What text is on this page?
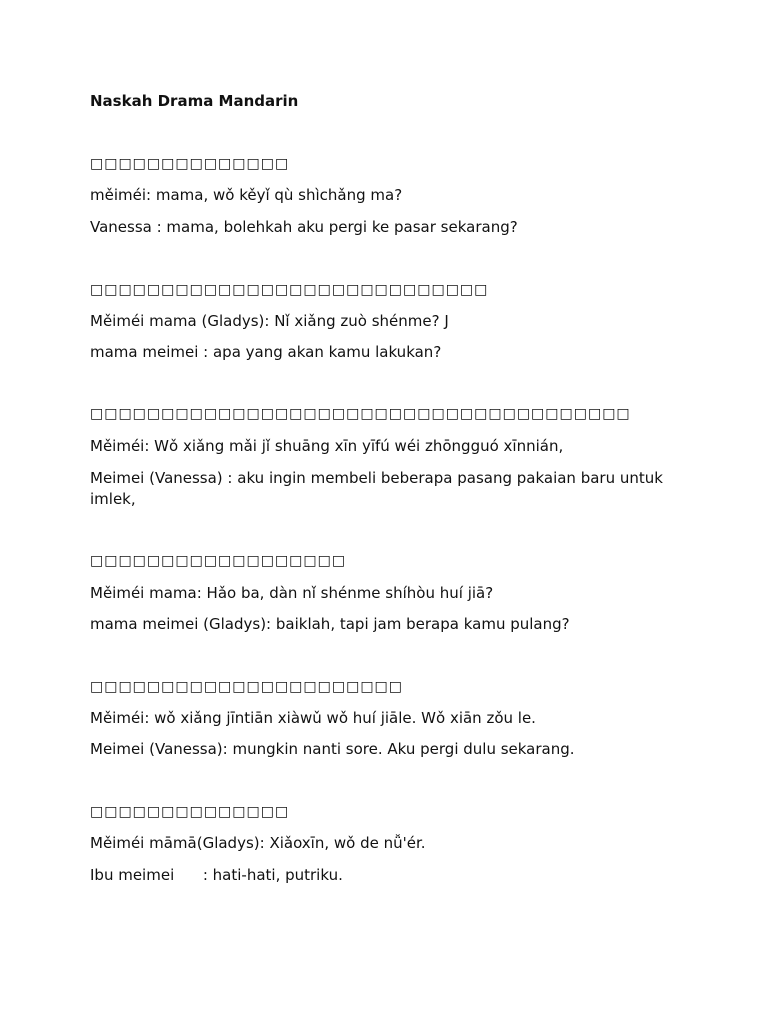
Naskah Drama Mandarin

□□□□□□□□□□□□□□

měiméi: mama, wǒ kěyǐ qù shìchǎng ma?

Vanessa : mama, bolehkah aku pergi ke pasar sekarang?

□□□□□□□□□□□□□□□□□□□□□□□□□□□□

Měiméi mama (Gladys): Nǐ xiǎng zuò shénme? J

mama meimei : apa yang akan kamu lakukan?

□□□□□□□□□□□□□□□□□□□□□□□□□□□□□□□□□□□□□□

Měiméi: Wǒ xiǎng mǎi jǐ shuāng xīn yīfú wéi zhōngguó xīnnián,

Meimei (Vanessa) : aku ingin membeli beberapa pasang pakaian baru untuk imlek,

□□□□□□□□□□□□□□□□□□

Měiméi mama: Hǎo ba, dàn nǐ shénme shíhòu huí jiā?

mama meimei (Gladys): baiklah, tapi jam berapa kamu pulang?

□□□□□□□□□□□□□□□□□□□□□□

Měiméi: wǒ xiǎng jīntiān xiàwǔ wǒ huí jiāle. Wǒ xiān zǒu le.

Meimei (Vanessa): mungkin nanti sore. Aku pergi dulu sekarang.

□□□□□□□□□□□□□□

Měiméi māmā(Gladys): Xiǎoxīn, wǒ de nǚ'ér.

Ibu meimei      : hati-hati, putriku.
